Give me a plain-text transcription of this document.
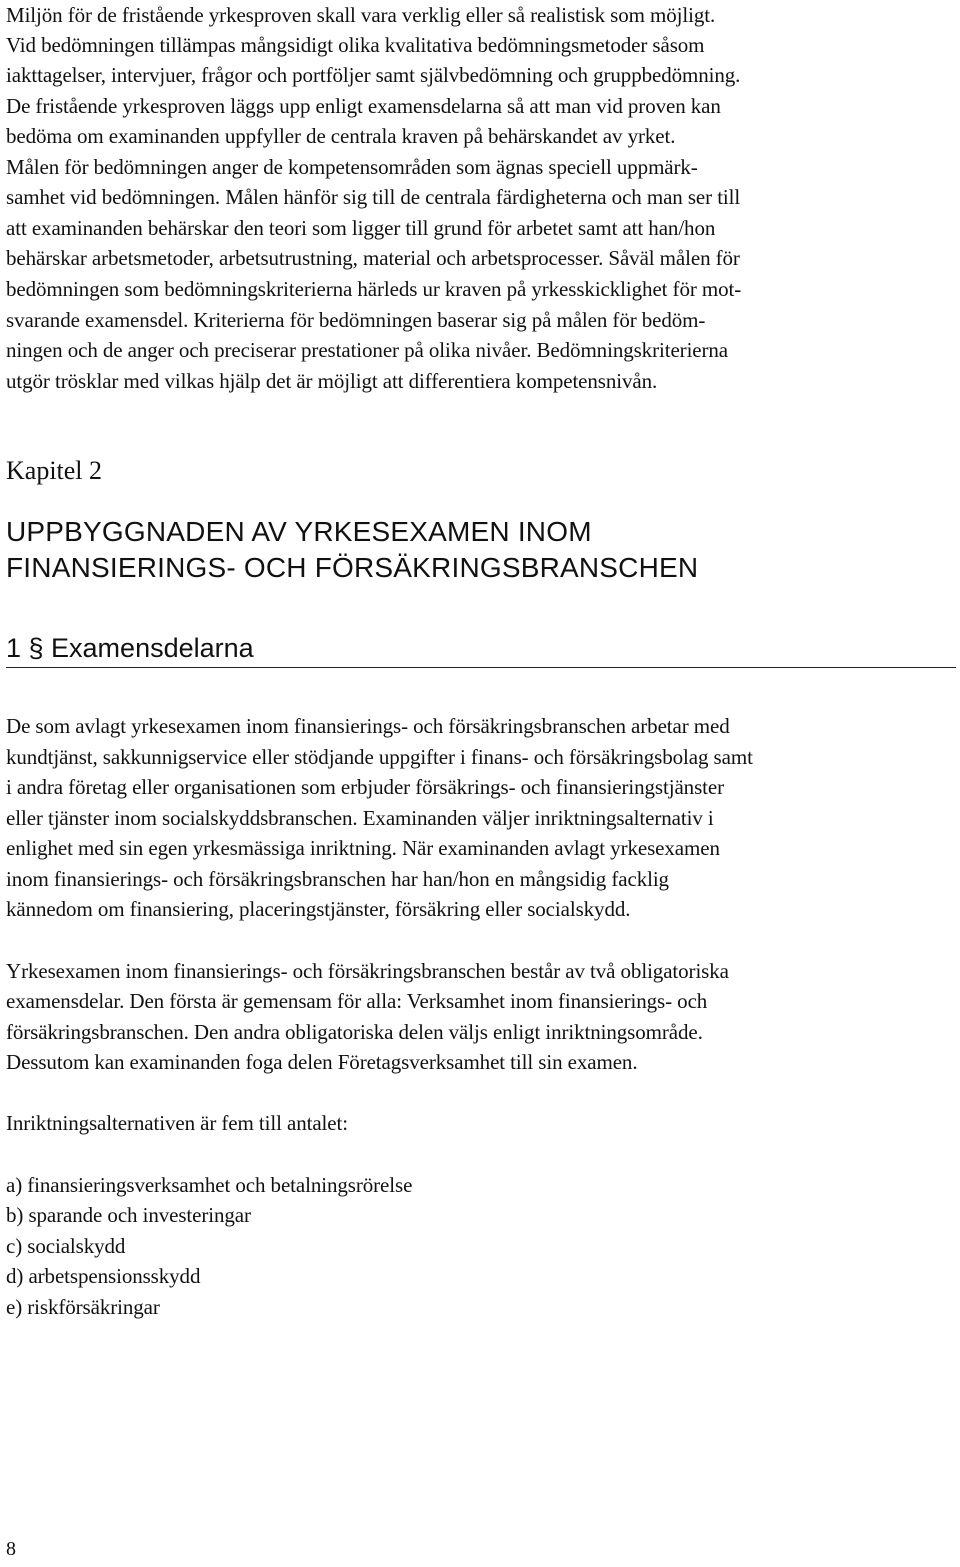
Miljön för de fristående yrkesproven skall vara verklig eller så realistisk som möjligt.
Vid bedömningen tillämpas mångsidigt olika kvalitativa bedömningsmetoder såsom
iakttagelser, intervjuer, frågor och portföljer samt självbedömning och gruppbedömning.
De fristående yrkesproven läggs upp enligt examensdelarna så att man vid proven kan
bedöma om examinanden uppfyller de centrala kraven på behärskandet av yrket.
Målen för bedömningen anger de kompetensområden som ägnas speciell uppmärk-
samhet vid bedömningen. Målen hänför sig till de centrala färdigheterna och man ser till
att examinanden behärskar den teori som ligger till grund för arbetet samt att han/hon
behärskar arbetsmetoder, arbetsutrustning, material och arbetsprocesser. Såväl målen för
bedömningen som bedömningskriterierna härleds ur kraven på yrkesskicklighet för mot-
svarande examensdel. Kriterierna för bedömningen baserar sig på målen för bedöm-
ningen och de anger och preciserar prestationer på olika nivåer. Bedömningskriterierna
utgör trösklar med vilkas hjälp det är möjligt att differentiera kompetensnivån.
Kapitel 2
UPPBYGGNADEN AV YRKESEXAMEN INOM
FINANSIERINGS- OCH FÖRSÄKRINGSBRANSCHEN
1 § Examensdelarna
De som avlagt yrkesexamen inom finansierings- och försäkringsbranschen arbetar med
kundtjänst, sakkunnigservice eller stödjande uppgifter i finans- och försäkringsbolag samt
i andra företag eller organisationen som erbjuder försäkrings- och finansieringstjänster
eller tjänster inom socialskyddsbranschen. Examinanden väljer inriktningsalternativ i
enlighet med sin egen yrkesmässiga inriktning. När examinanden avlagt yrkesexamen
inom finansierings- och försäkringsbranschen har han/hon en mångsidig facklig
kännedom om finansiering, placeringstjänster, försäkring eller socialskydd.
Yrkesexamen inom finansierings- och försäkringsbranschen består av två obligatoriska
examensdelar. Den första är gemensam för alla: Verksamhet inom finansierings- och
försäkringsbranschen. Den andra obligatoriska delen väljs enligt inriktningsområde.
Dessutom kan examinanden foga delen Företagsverksamhet till sin examen.
Inriktningsalternativen är fem till antalet:
a) finansieringsverksamhet och betalningsrörelse
b) sparande och investeringar
c) socialskydd
d) arbetspensionsskydd
e) riskförsäkringar
8
